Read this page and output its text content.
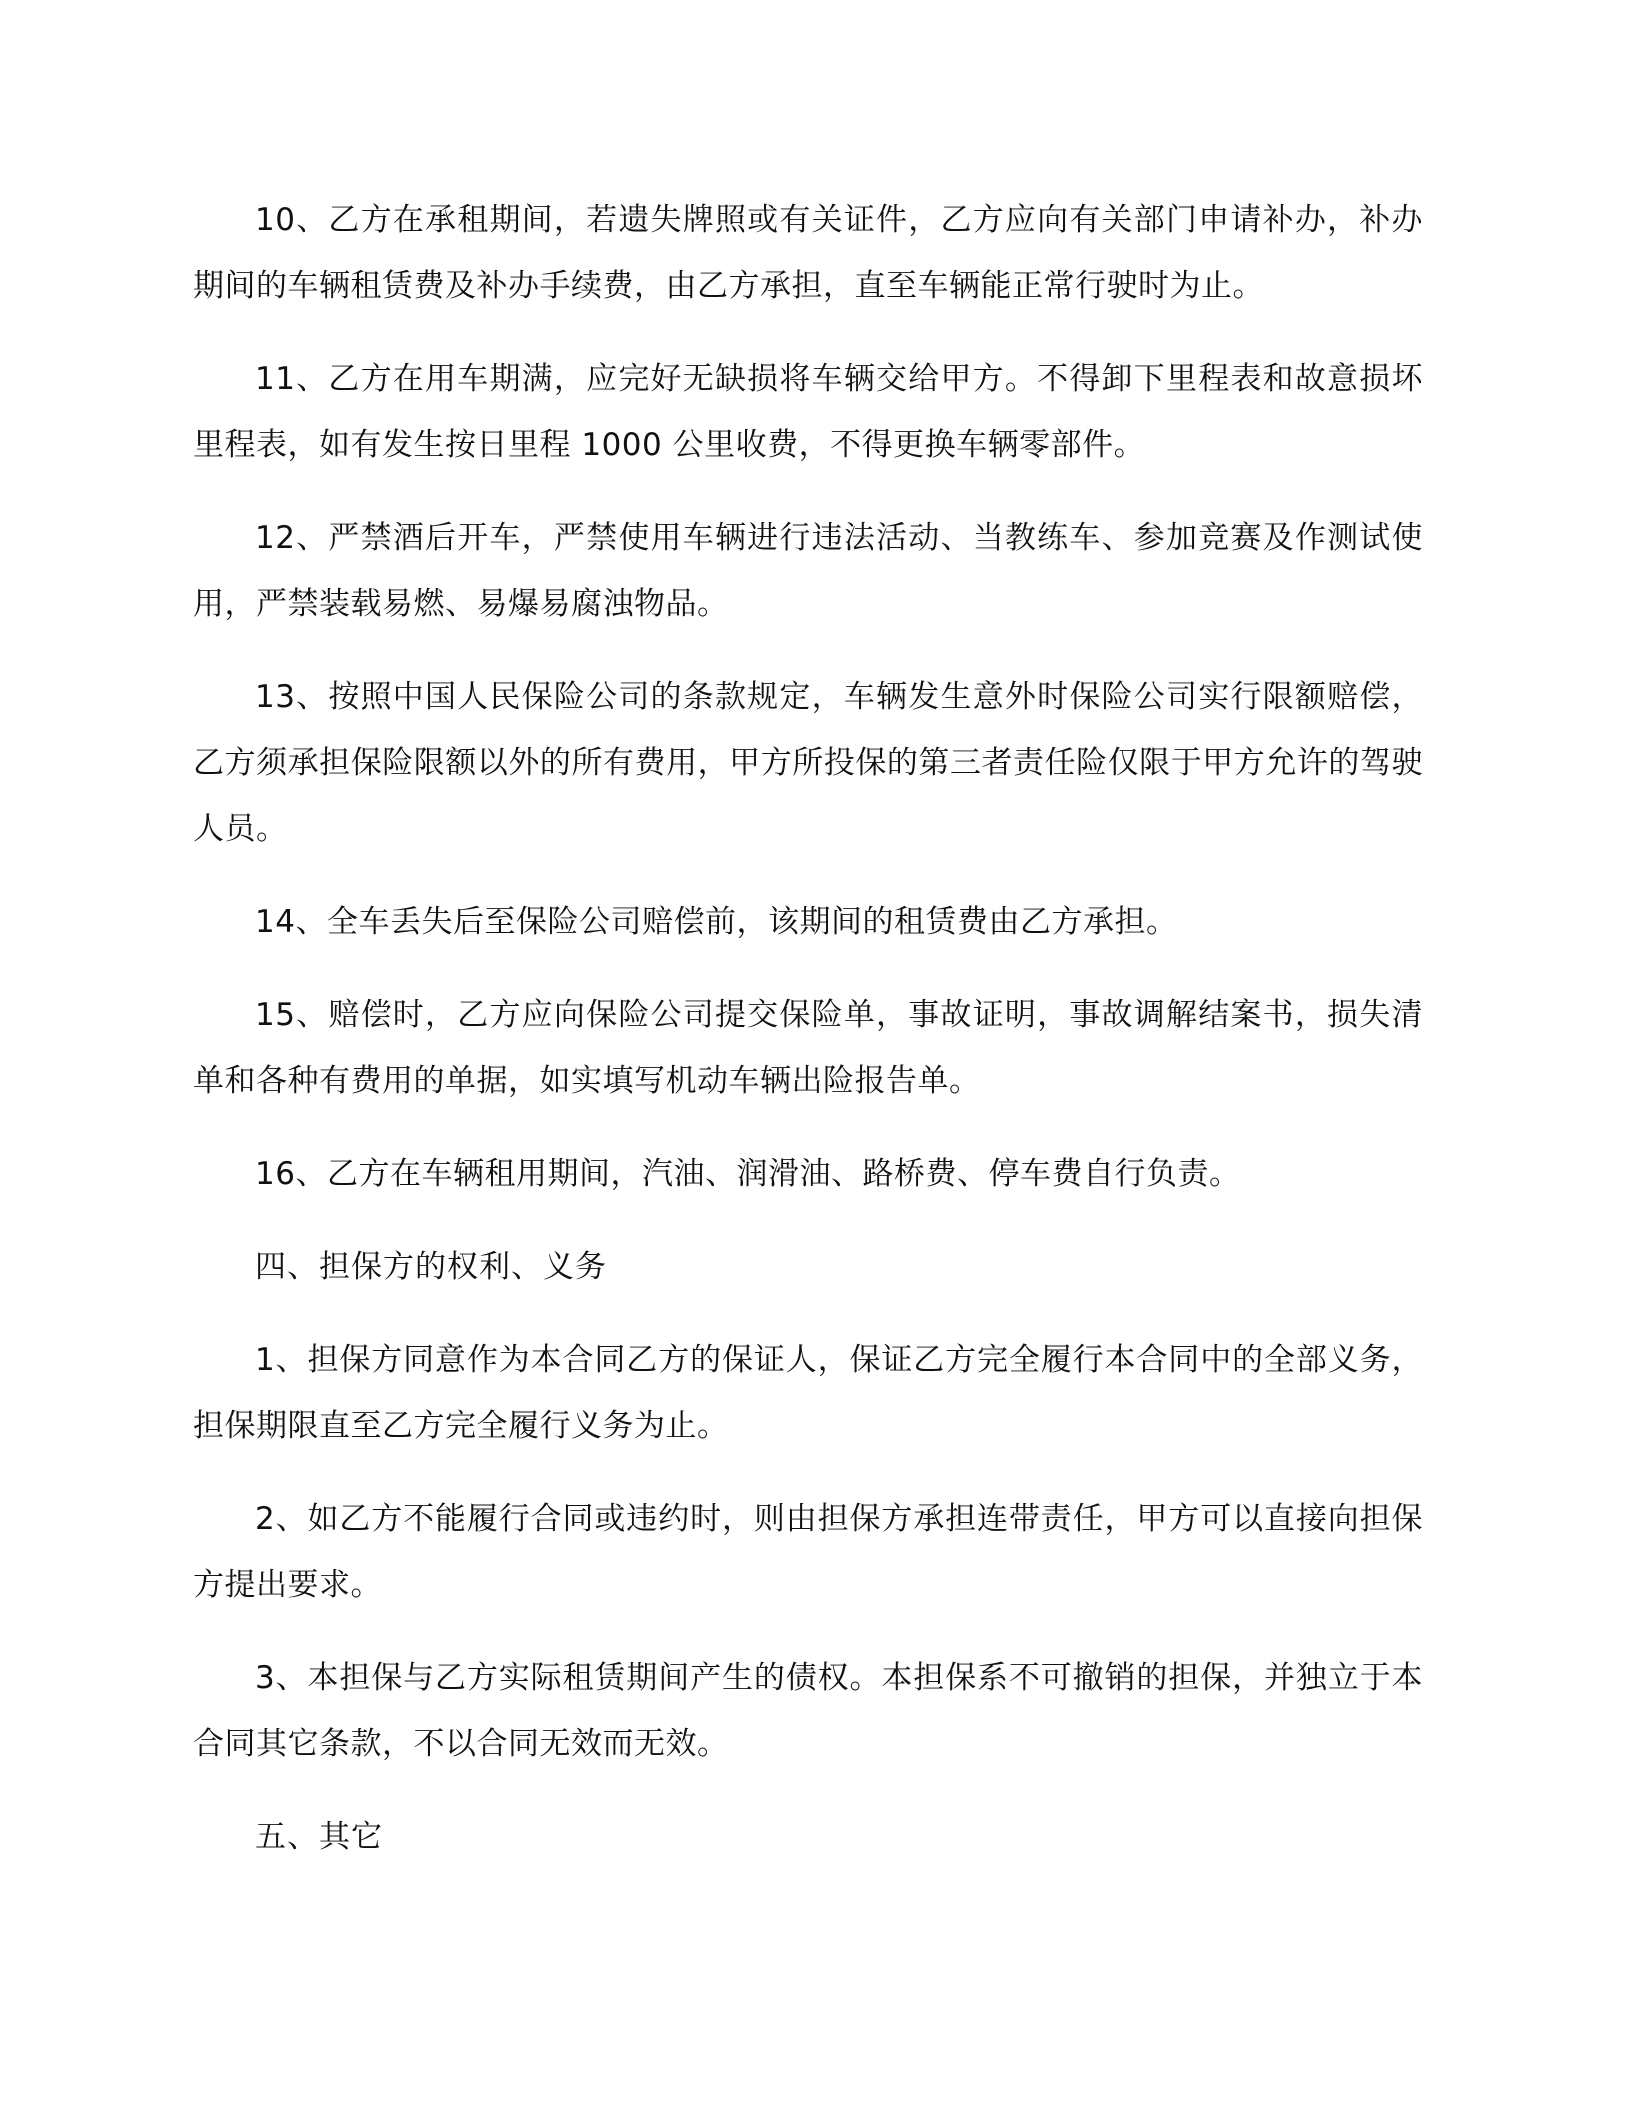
10、乙方在承租期间，若遗失牌照或有关证件，乙方应向有关部门申请补办，补办期间的车辆租赁费及补办手续费，由乙方承担，直至车辆能正常行驶时为止。

11、乙方在用车期满，应完好无缺损将车辆交给甲方。不得卸下里程表和故意损坏里程表，如有发生按日里程 1000 公里收费，不得更换车辆零部件。

12、严禁酒后开车，严禁使用车辆进行违法活动、当教练车、参加竞赛及作测试使用，严禁装载易燃、易爆易腐浊物品。

13、按照中国人民保险公司的条款规定，车辆发生意外时保险公司实行限额赔偿，乙方须承担保险限额以外的所有费用，甲方所投保的第三者责任险仅限于甲方允许的驾驶人员。

14、全车丢失后至保险公司赔偿前，该期间的租赁费由乙方承担。

15、赔偿时，乙方应向保险公司提交保险单，事故证明，事故调解结案书，损失清单和各种有费用的单据，如实填写机动车辆出险报告单。

16、乙方在车辆租用期间，汽油、润滑油、路桥费、停车费自行负责。

四、担保方的权利、义务

1、担保方同意作为本合同乙方的保证人，保证乙方完全履行本合同中的全部义务，担保期限直至乙方完全履行义务为止。

2、如乙方不能履行合同或违约时，则由担保方承担连带责任，甲方可以直接向担保方提出要求。

3、本担保与乙方实际租赁期间产生的债权。本担保系不可撤销的担保，并独立于本合同其它条款，不以合同无效而无效。

五、其它
